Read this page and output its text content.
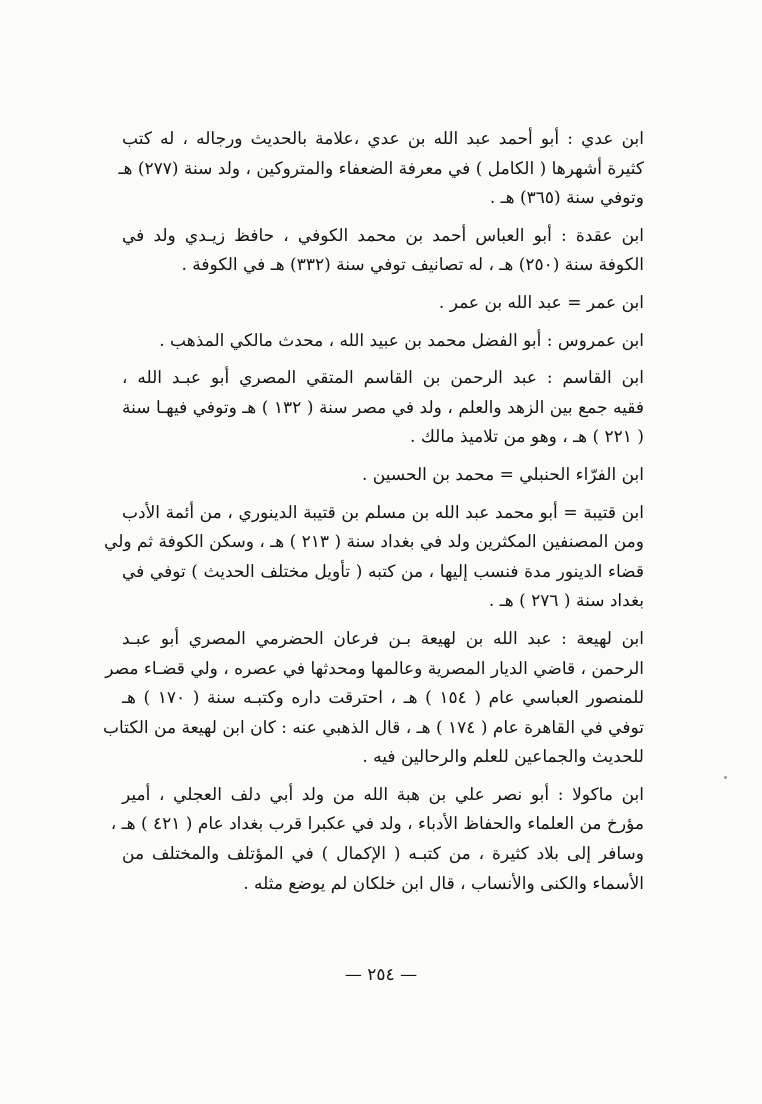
ابن عدي : أبو أحمد عبد الله بن عدي ،علامة بالحديث ورجاله ، له كتب
كثيرة أشهرها ( الكامل ) في معرفة الضعفاء والمتروكين ، ولد سنة (٢٧٧) هـ
وتوفي سنة (٣٦٥) هـ .
ابن عقدة : أبو العباس أحمد بن محمد الكوفي ، حافظ زيـدي ولد في
الكوفة سنة (٢٥٠) هـ ، له تصانيف توفي سنة (٣٣٢) هـ في الكوفة .
ابن عمر = عبد الله بن عمر .
ابن عمروس : أبو الفضل محمد بن عبيد الله ، محدث مالكي المذهب .
ابن القاسم : عبد الرحمن بن القاسم المتقي المصري أبو عبـد الله ،
فقيه جمع بين الزهد والعلم ، ولد في مصر سنة ( ١٣٢ ) هـ وتوفي فيهـا سنة
( ٢٢١ ) هـ ، وهو من تلاميذ مالك .
ابن الفرّاء الحنبلي = محمد بن الحسين .
ابن قتيبة = أبو محمد عبد الله بن مسلم بن قتيبة الدينوري ، من أئمة الأدب
ومن المصنفين المكثرين ولد في بغداد سنة ( ٢١٣ ) هـ ، وسكن الكوفة ثم ولي
قضاء الدينور مدة فنسب إليها ، من كتبه ( تأويل مختلف الحديث ) توفي في
بغداد سنة ( ٢٧٦ ) هـ .
ابن لهيعة : عبد الله بن لهيعة بـن فرعان الحضرمي المصري أبو عبـد
الرحمن ، قاضي الديار المصرية وعالمها ومحدثها في عصره ، ولي قضـاء مصر
للمنصور العباسي عام ( ١٥٤ ) هـ ، احترقت داره وكتبـه سنة ( ١٧٠ ) هـ
توفي في القاهرة عام ( ١٧٤ ) هـ ، قال الذهبي عنه : كان ابن لهيعة من الكتاب
للحديث والجماعين للعلم والرحالين فيه .
ابن ماكولا : أبو نصر علي بن هبة الله من ولد أبي دلف العجلي ، أمير
مؤرخ من العلماء والحفاظ الأدباء ، ولد في عكبرا قرب بغداد عام ( ٤٢١ ) هـ ،
وسافر إلى بلاد كثيرة ، من كتبـه ( الإكمال ) في المؤتلف والمختلف من
الأسماء والكنى والأنساب ، قال ابن خلكان لم يوضع مثله .
— ٢٥٤ —
